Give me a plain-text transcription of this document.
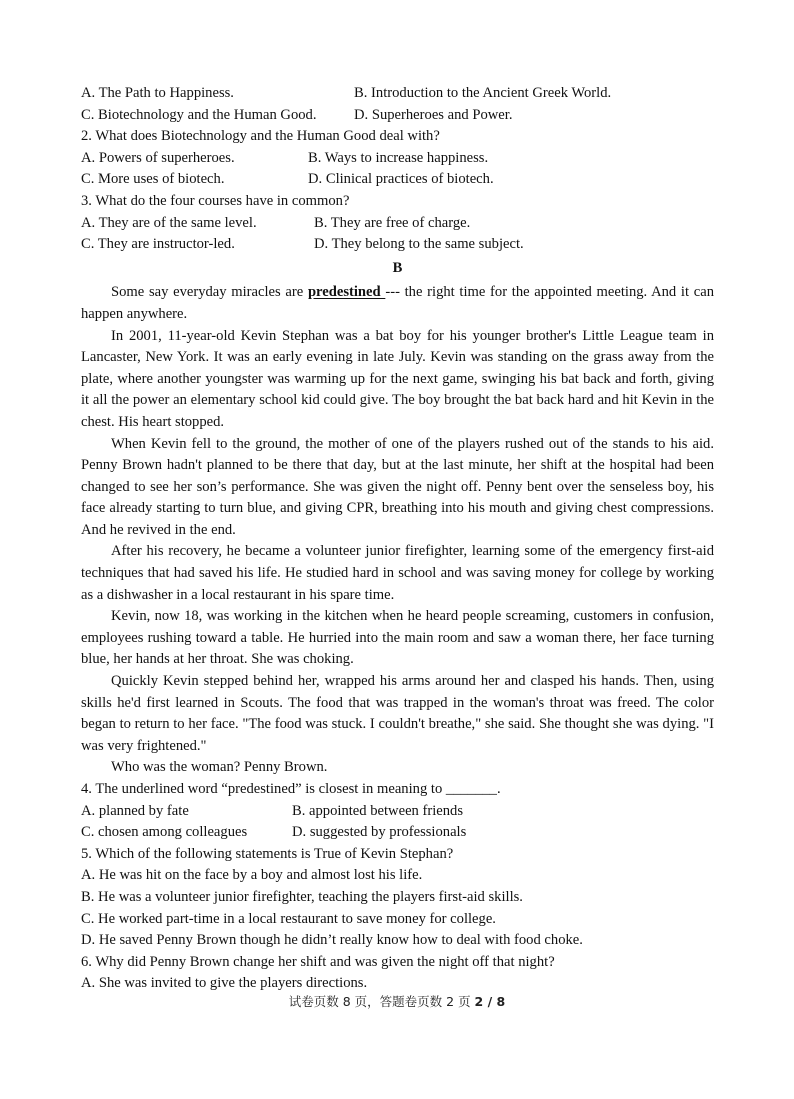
A. The Path to Happiness.	B. Introduction to the Ancient Greek World.
C. Biotechnology and the Human Good.	D. Superheroes and Power.
2. What does Biotechnology and the Human Good deal with?
A. Powers of superheroes.	B. Ways to increase happiness.
C. More uses of biotech.	D. Clinical practices of biotech.
3. What do the four courses have in common?
A. They are of the same level.	B. They are free of charge.
C. They are instructor-led.	D. They belong to the same subject.
B

Some say everyday miracles are predestined --- the right time for the appointed meeting. And it can happen anywhere.

In 2001, 11-year-old Kevin Stephan was a bat boy for his younger brother's Little League team in Lancaster, New York. It was an early evening in late July. Kevin was standing on the grass away from the plate, where another youngster was warming up for the next game, swinging his bat back and forth, giving it all the power an elementary school kid could give. The boy brought the bat back hard and hit Kevin in the chest. His heart stopped.

When Kevin fell to the ground, the mother of one of the players rushed out of the stands to his aid. Penny Brown hadn't planned to be there that day, but at the last minute, her shift at the hospital had been changed to see her son’s performance. She was given the night off. Penny bent over the senseless boy, his face already starting to turn blue, and giving CPR, breathing into his mouth and giving chest compressions. And he revived in the end.

After his recovery, he became a volunteer junior firefighter, learning some of the emergency first-aid techniques that had saved his life. He studied hard in school and was saving money for college by working as a dishwasher in a local restaurant in his spare time.

Kevin, now 18, was working in the kitchen when he heard people screaming, customers in confusion, employees rushing toward a table. He hurried into the main room and saw a woman there, her face turning blue, her hands at her throat. She was choking.

Quickly Kevin stepped behind her, wrapped his arms around her and clasped his hands. Then, using skills he'd first learned in Scouts. The food that was trapped in the woman's throat was freed. The color began to return to her face. "The food was stuck. I couldn't breathe," she said. She thought she was dying. "I was very frightened."

Who was the woman? Penny Brown.

4. The underlined word “predestined” is closest in meaning to _______.
A. planned by fate	B. appointed between friends
C. chosen among colleagues	D. suggested by professionals
5. Which of the following statements is True of Kevin Stephan?
A. He was hit on the face by a boy and almost lost his life.
B. He was a volunteer junior firefighter, teaching the players first-aid skills.
C. He worked part-time in a local restaurant to save money for college.
D. He saved Penny Brown though he didn’t really know how to deal with food choke.
6. Why did Penny Brown change her shift and was given the night off that night?
A. She was invited to give the players directions.
试卷页数 8 页，答题卷页数 2 页 2 / 8
